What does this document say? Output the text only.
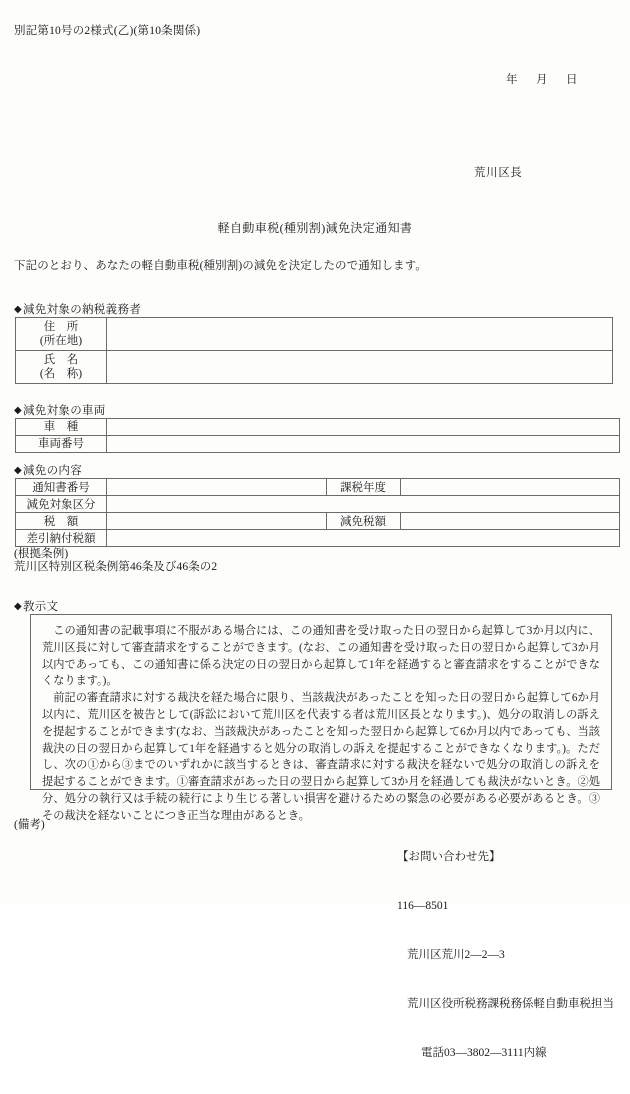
別記第10号の2様式(乙)(第10条関係)
年　月　日
荒川区長
軽自動車税(種別割)減免決定通知書
下記のとおり、あなたの軽自動車税(種別割)の減免を決定したので通知します。
◆減免対象の納税義務者
住　所
(所在地)	

氏　名
(名　称)	

◆減免対象の車両
車　種	
車両番号	
◆減免の内容
通知書番号		課税年度	
減免対象区分			
税　額		減免税額	
差引納付税額			
(根拠条例)
荒川区特別区税条例第46条及び46条の2
◆教示文

この通知書の記載事項に不服がある場合には、この通知書を受け取った日の翌日から起算して3か月以内に、荒川区長に対して審査請求をすることができます。(なお、この通知書を受け取った日の翌日から起算して3か月以内であっても、この通知書に係る決定の日の翌日から起算して1年を経過すると審査請求をすることができなくなります。)。

前記の審査請求に対する裁決を経た場合に限り、当該裁決があったことを知った日の翌日から起算して6か月以内に、荒川区を被告として(訴訟において荒川区を代表する者は荒川区長となります。)、処分の取消しの訴えを提起することができます(なお、当該裁決があったことを知った翌日から起算して6か月以内であっても、当該裁決の日の翌日から起算して1年を経過すると処分の取消しの訴えを提起することができなくなります。)。ただし、次の①から③までのいずれかに該当するときは、審査請求に対する裁決を経ないで処分の取消しの訴えを提起することができます。①審査請求があった日の翌日から起算して3か月を経過しても裁決がないとき。②処分、処分の執行又は手続の続行により生じる著しい損害を避けるための緊急の必要がある必要があるとき。③その裁決を経ないことにつき正当な理由があるとき。

(備考)

【お問い合わせ先】

116—8501

荒川区荒川2—2—3

荒川区役所税務課税務係軽自動車税担当

電話03—3802—3111内線
